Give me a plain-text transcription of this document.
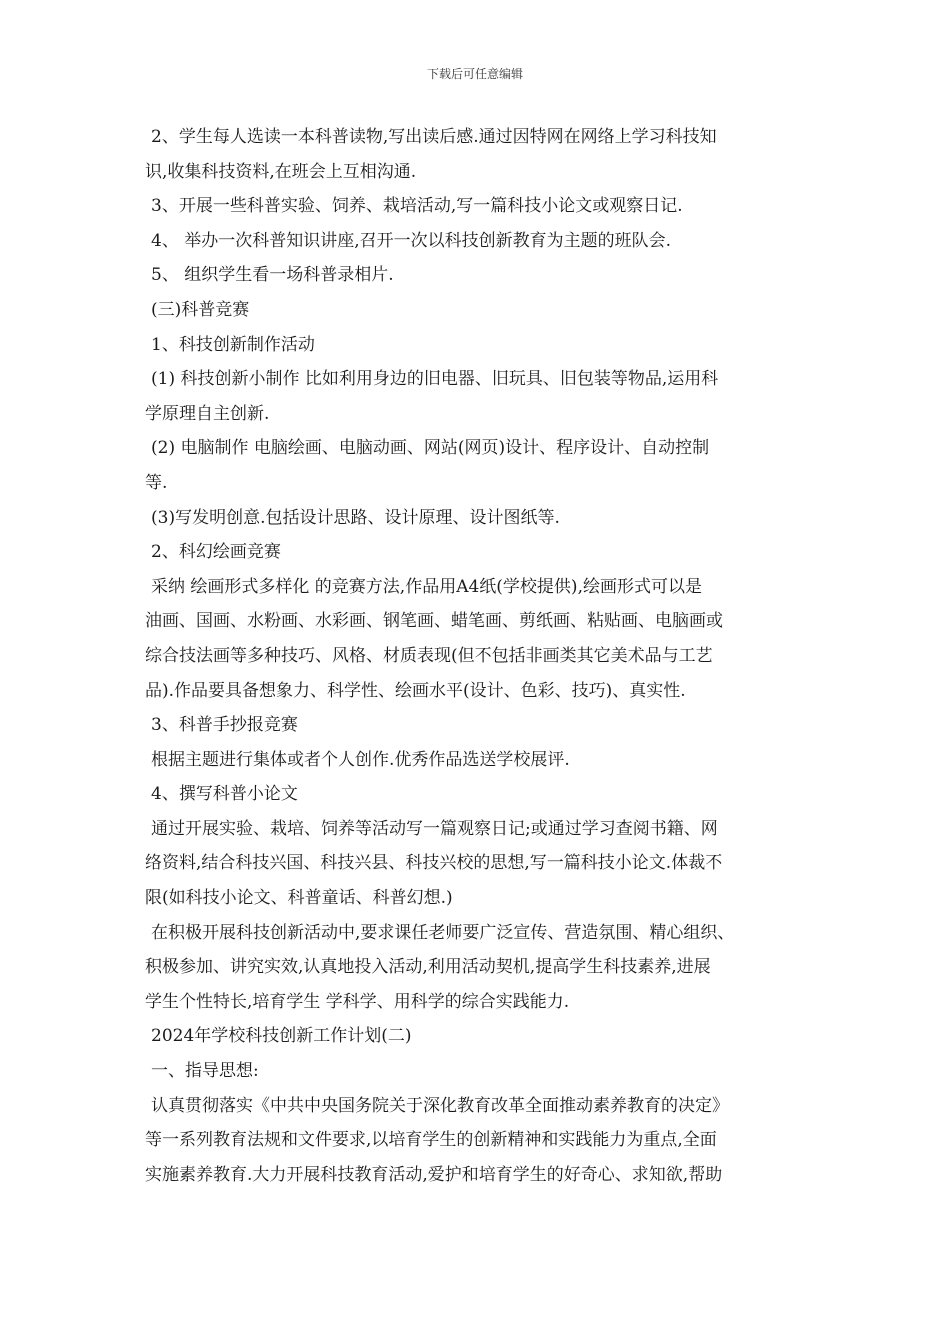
下载后可任意编辑
2、学生每人选读一本科普读物,写出读后感.通过因特网在网络上学习科技知
识,收集科技资料,在班会上互相沟通.
3、开展一些科普实验、饲养、栽培活动,写一篇科技小论文或观察日记.
4、 举办一次科普知识讲座,召开一次以科技创新教育为主题的班队会.
5、 组织学生看一场科普录相片.
(三)科普竞赛
1、科技创新制作活动
(1) 科技创新小制作 比如利用身边的旧电器、旧玩具、旧包装等物品,运用科
学原理自主创新.
(2) 电脑制作 电脑绘画、电脑动画、网站(网页)设计、程序设计、自动控制
等.
(3)写发明创意.包括设计思路、设计原理、设计图纸等.
2、科幻绘画竞赛
采纳 绘画形式多样化 的竞赛方法,作品用A4纸(学校提供),绘画形式可以是
油画、国画、水粉画、水彩画、钢笔画、蜡笔画、剪纸画、粘贴画、电脑画或
综合技法画等多种技巧、风格、材质表现(但不包括非画类其它美术品与工艺
品).作品要具备想象力、科学性、绘画水平(设计、色彩、技巧)、真实性.
3、科普手抄报竞赛
根据主题进行集体或者个人创作.优秀作品选送学校展评.
4、撰写科普小论文
通过开展实验、栽培、饲养等活动写一篇观察日记;或通过学习查阅书籍、网
络资料,结合科技兴国、科技兴县、科技兴校的思想,写一篇科技小论文.体裁不
限(如科技小论文、科普童话、科普幻想.)
在积极开展科技创新活动中,要求课任老师要广泛宣传、营造氛围、精心组织、
积极参加、讲究实效,认真地投入活动,利用活动契机,提高学生科技素养,进展
学生个性特长,培育学生 学科学、用科学的综合实践能力.
2024年学校科技创新工作计划(二)
一、指导思想:
认真贯彻落实《中共中央国务院关于深化教育改革全面推动素养教育的决定》
等一系列教育法规和文件要求,以培育学生的创新精神和实践能力为重点,全面
实施素养教育.大力开展科技教育活动,爱护和培育学生的好奇心、求知欲,帮助
